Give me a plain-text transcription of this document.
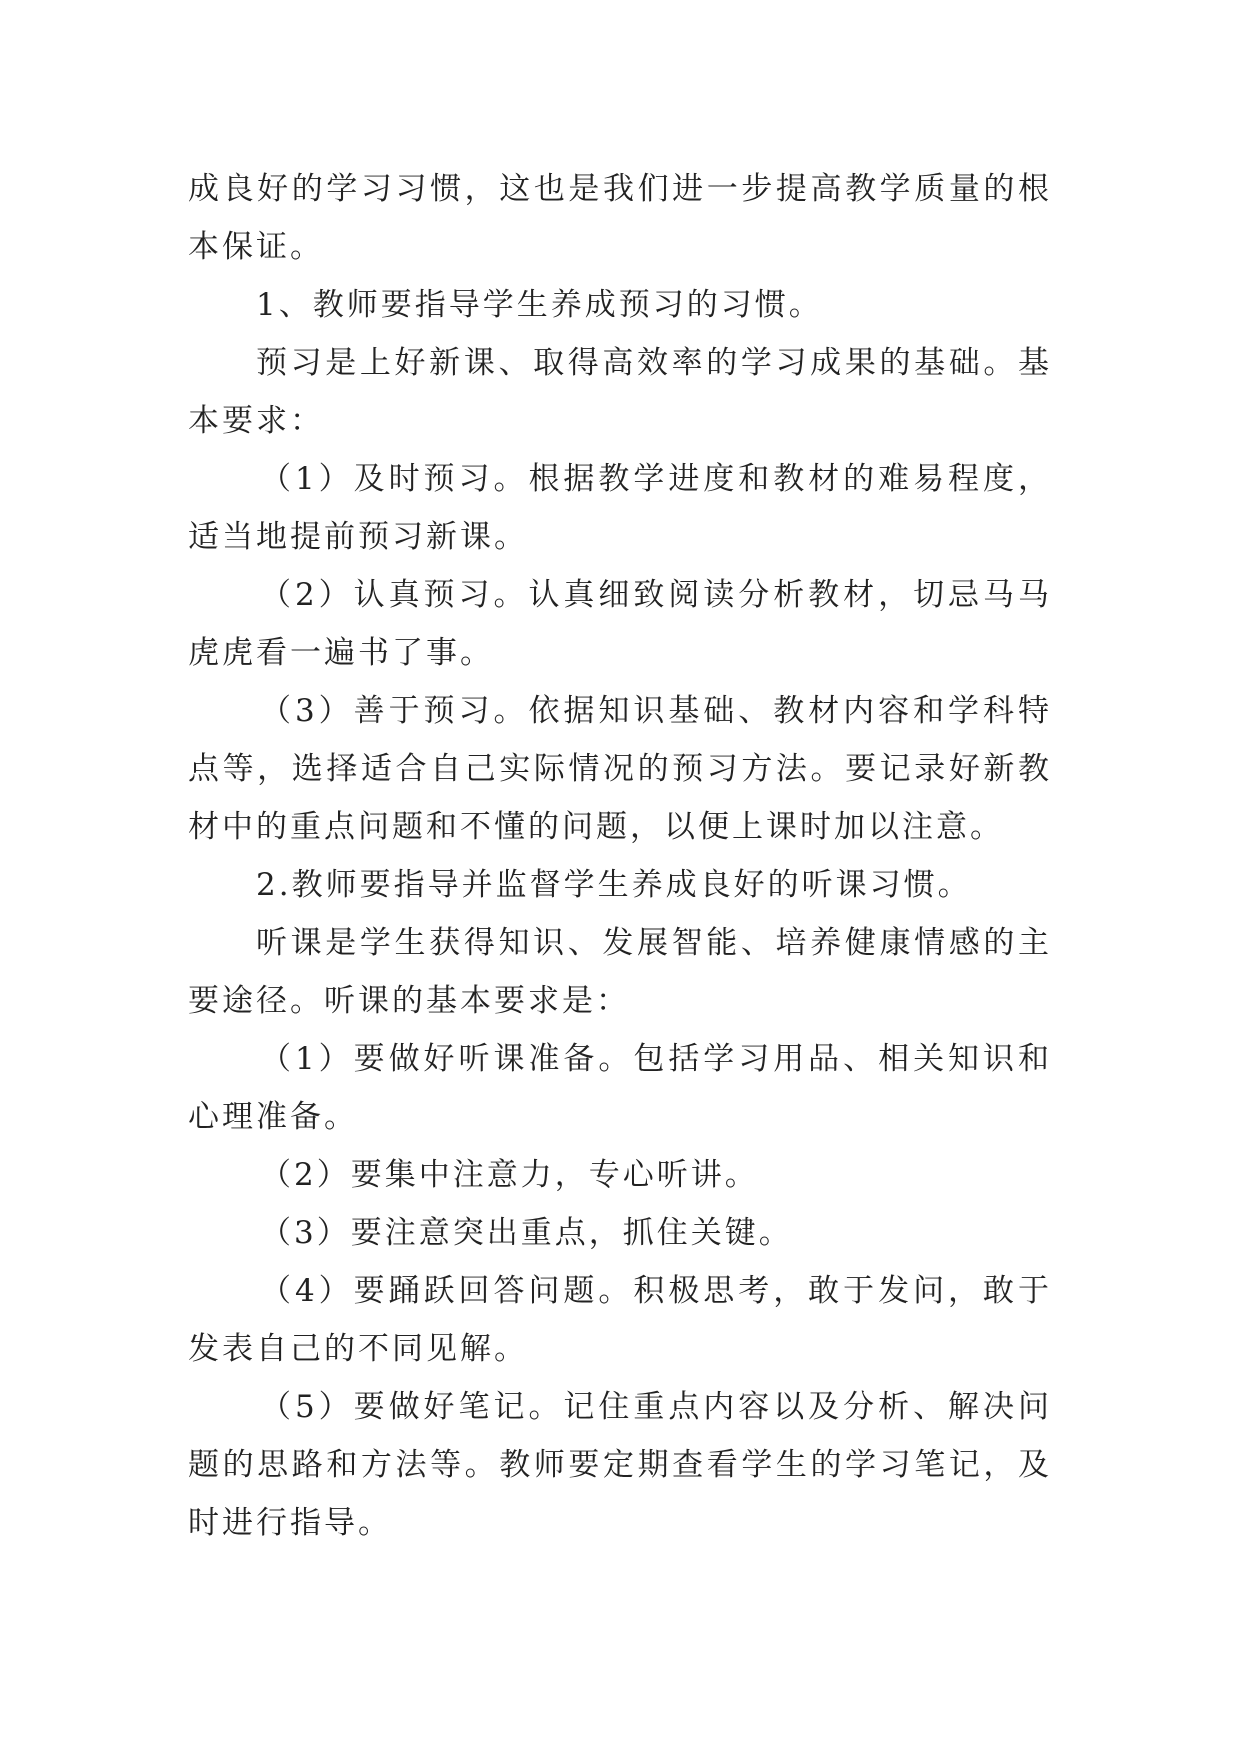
成良好的学习习惯，这也是我们进一步提高教学质量的根本保证。

1、教师要指导学生养成预习的习惯。

预习是上好新课、取得高效率的学习成果的基础。基本要求：

（1）及时预习。根据教学进度和教材的难易程度，适当地提前预习新课。

（2）认真预习。认真细致阅读分析教材，切忌马马虎虎看一遍书了事。

（3）善于预习。依据知识基础、教材内容和学科特点等，选择适合自己实际情况的预习方法。要记录好新教材中的重点问题和不懂的问题，以便上课时加以注意。

2.教师要指导并监督学生养成良好的听课习惯。

听课是学生获得知识、发展智能、培养健康情感的主要途径。听课的基本要求是：

（1）要做好听课准备。包括学习用品、相关知识和心理准备。

（2）要集中注意力，专心听讲。

（3）要注意突出重点，抓住关键。

（4）要踊跃回答问题。积极思考，敢于发问，敢于发表自己的不同见解。

（5）要做好笔记。记住重点内容以及分析、解决问题的思路和方法等。教师要定期查看学生的学习笔记，及时进行指导。
